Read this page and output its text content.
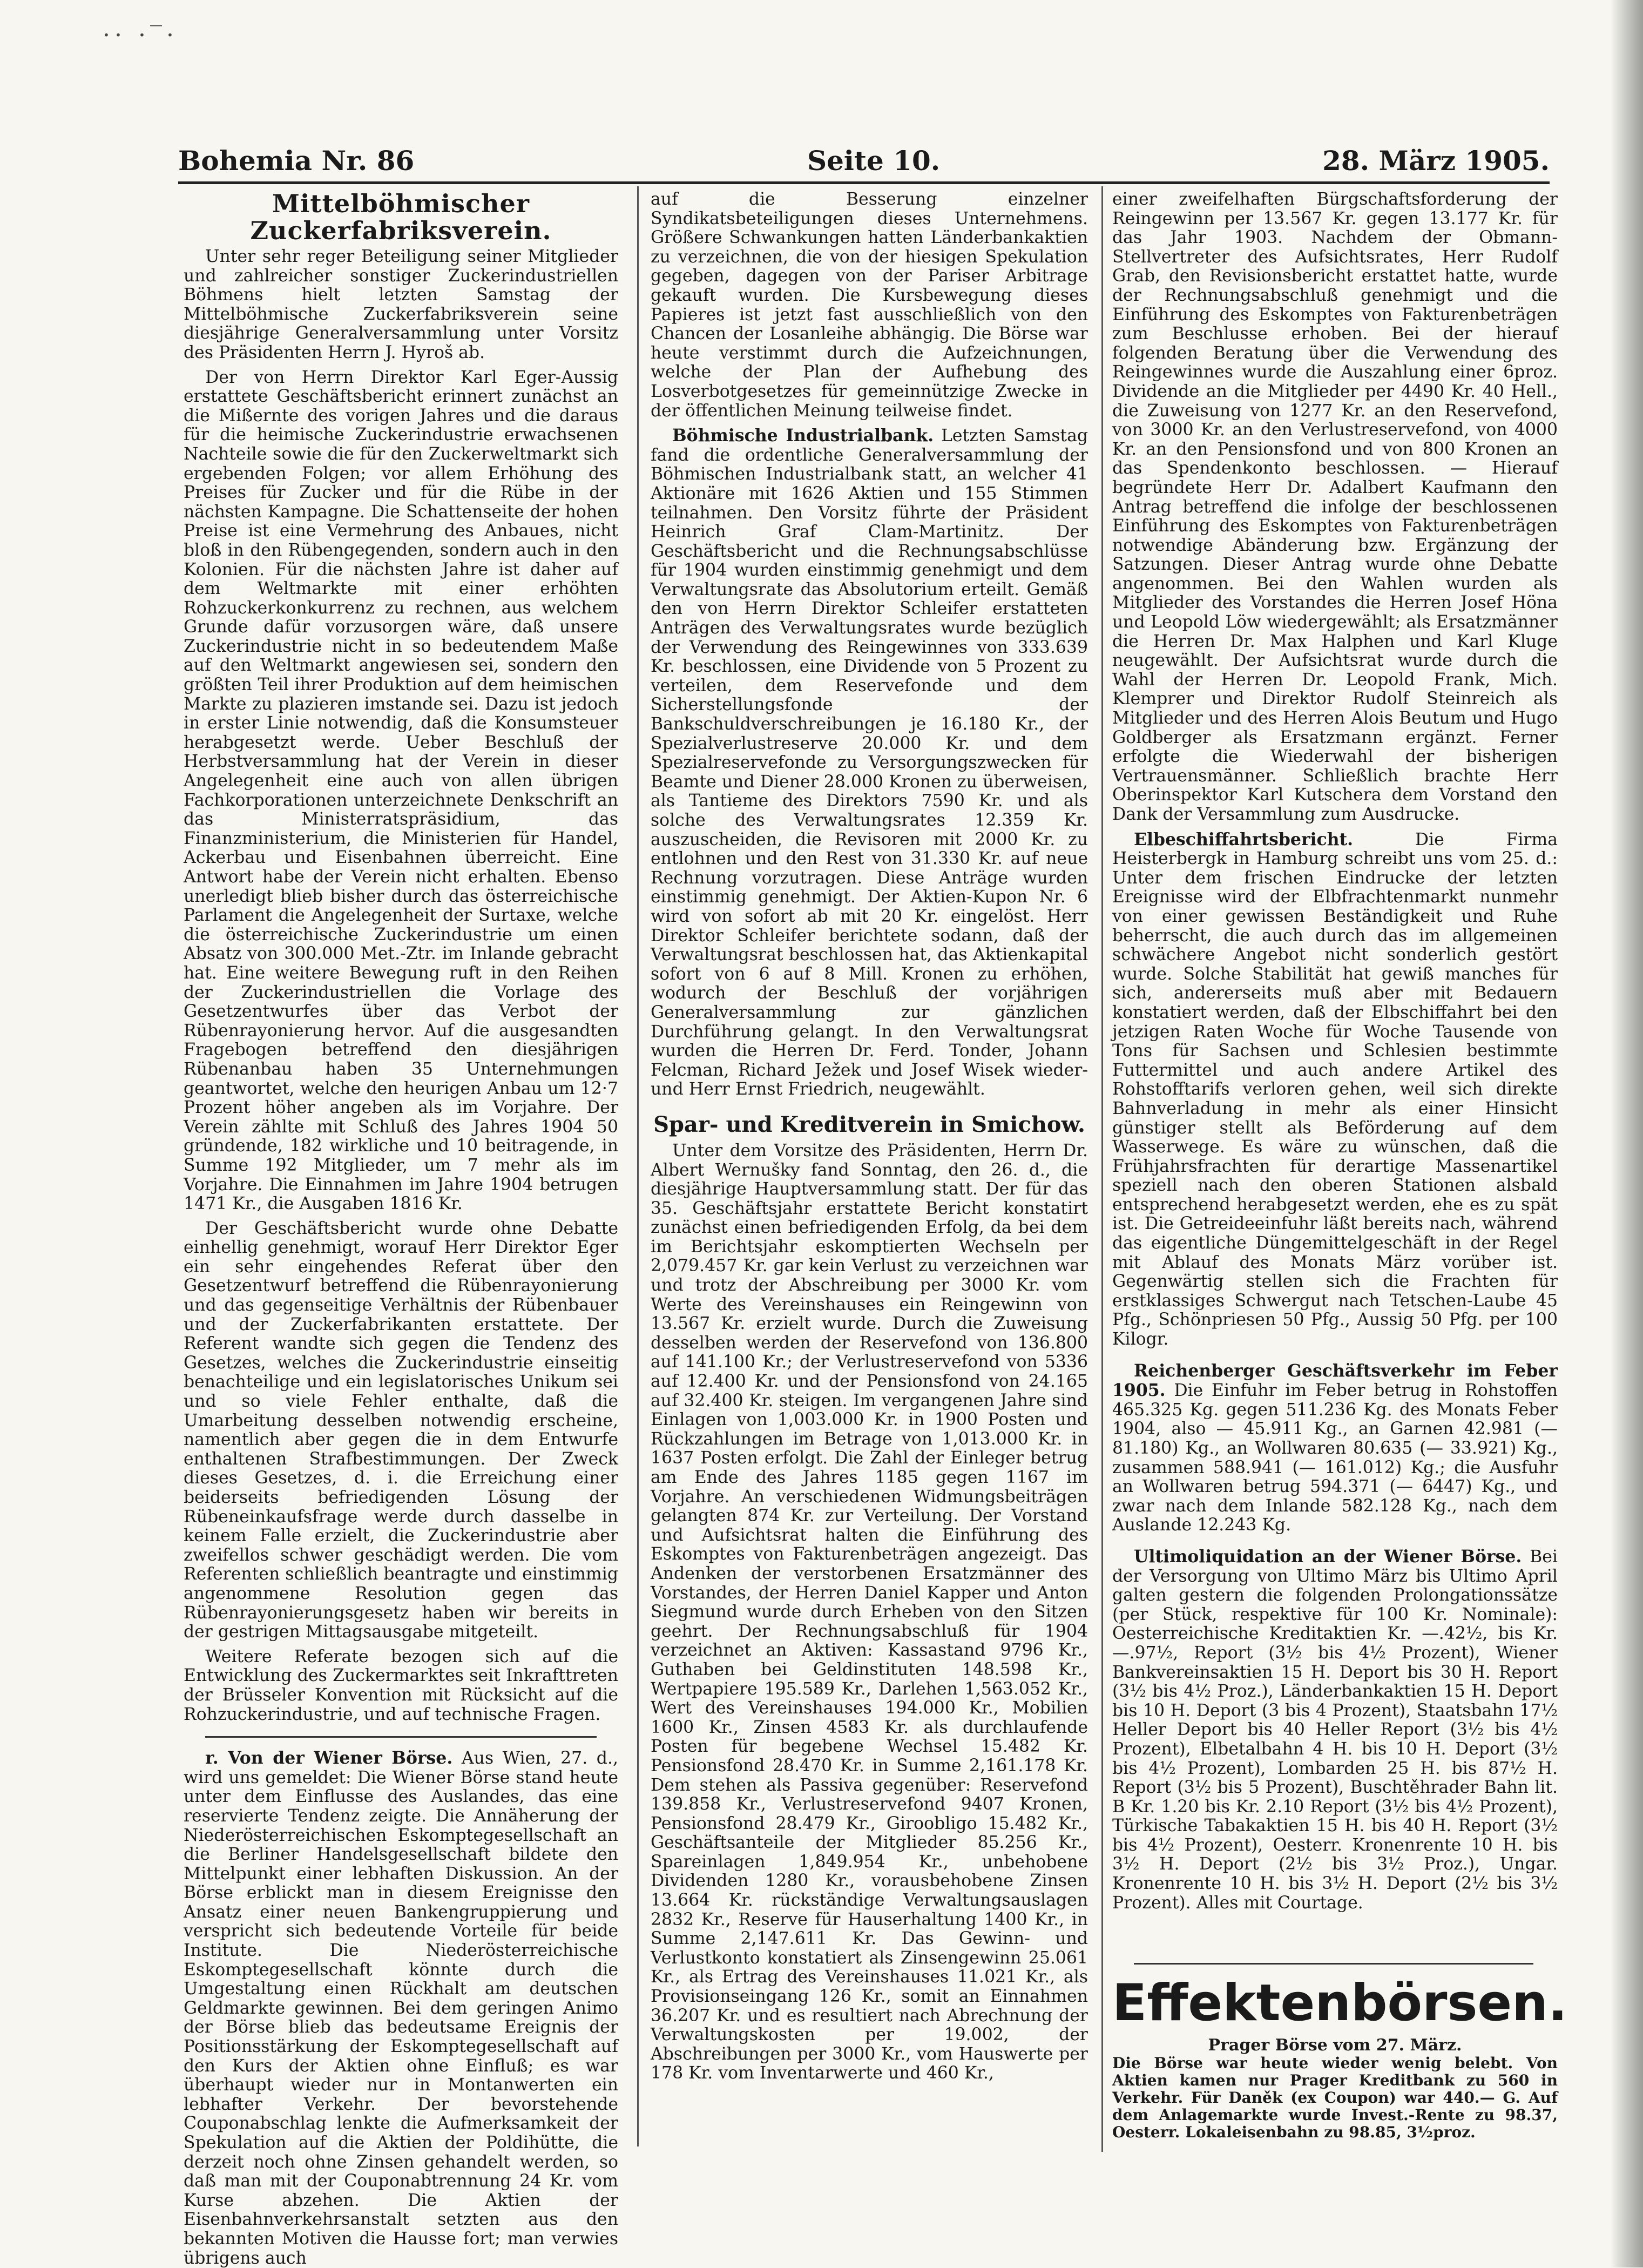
·· ·‾·
Bohemia Nr. 86	Seite 10.	28. März 1905.
Mittelböhmischer Zuckerfabriksverein.

Unter sehr reger Beteiligung seiner Mitglieder und zahlreicher sonstiger Zuckerindustriellen Böhmens hielt letzten Samstag der Mittelböhmische Zuckerfabriksverein seine diesjährige Generalversammlung unter Vorsitz des Präsidenten Herrn J. Hyroš ab.

Der von Herrn Direktor Karl Eger-Aussig erstattete Geschäftsbericht erinnert zunächst an die Mißernte des vorigen Jahres und die daraus für die heimische Zuckerindustrie erwachsenen Nachteile sowie die für den Zuckerweltmarkt sich ergebenden Folgen; vor allem Erhöhung des Preises für Zucker und für die Rübe in der nächsten Kampagne. Die Schattenseite der hohen Preise ist eine Vermehrung des Anbaues, nicht bloß in den Rübengegenden, sondern auch in den Kolonien. Für die nächsten Jahre ist daher auf dem Weltmarkte mit einer erhöhten Rohzuckerkonkurrenz zu rechnen, aus welchem Grunde dafür vorzusorgen wäre, daß unsere Zuckerindustrie nicht in so bedeutendem Maße auf den Weltmarkt angewiesen sei, sondern den größten Teil ihrer Produktion auf dem heimischen Markte zu plazieren imstande sei. Dazu ist jedoch in erster Linie notwendig, daß die Konsumsteuer herabgesetzt werde. Ueber Beschluß der Herbstversammlung hat der Verein in dieser Angelegenheit eine auch von allen übrigen Fachkorporationen unterzeichnete Denkschrift an das Ministerratspräsidium, das Finanzministerium, die Ministerien für Handel, Ackerbau und Eisenbahnen überreicht. Eine Antwort habe der Verein nicht erhalten. Ebenso unerledigt blieb bisher durch das österreichische Parlament die Angelegenheit der Surtaxe, welche die österreichische Zuckerindustrie um einen Absatz von 300.000 Met.-Ztr. im Inlande gebracht hat. Eine weitere Bewegung ruft in den Reihen der Zuckerindustriellen die Vorlage des Gesetzentwurfes über das Verbot der Rübenrayonierung hervor. Auf die ausgesandten Fragebogen betreffend den diesjährigen Rübenanbau haben 35 Unternehmungen geantwortet, welche den heurigen Anbau um 12·7 Prozent höher angeben als im Vorjahre. Der Verein zählte mit Schluß des Jahres 1904 50 gründende, 182 wirkliche und 10 beitragende, in Summe 192 Mitglieder, um 7 mehr als im Vorjahre. Die Einnahmen im Jahre 1904 betrugen 1471 Kr., die Ausgaben 1816 Kr.

Der Geschäftsbericht wurde ohne Debatte einhellig genehmigt, worauf Herr Direktor Eger ein sehr eingehendes Referat über den Gesetzentwurf betreffend die Rübenrayonierung und das gegenseitige Verhältnis der Rübenbauer und der Zuckerfabrikanten erstattete. Der Referent wandte sich gegen die Tendenz des Gesetzes, welches die Zuckerindustrie einseitig benachteilige und ein legislatorisches Unikum sei und so viele Fehler enthalte, daß die Umarbeitung desselben notwendig erscheine, namentlich aber gegen die in dem Entwurfe enthaltenen Strafbestimmungen. Der Zweck dieses Gesetzes, d. i. die Erreichung einer beiderseits befriedigenden Lösung der Rübeneinkaufsfrage werde durch dasselbe in keinem Falle erzielt, die Zuckerindustrie aber zweifellos schwer geschädigt werden. Die vom Referenten schließlich beantragte und einstimmig angenommene Resolution gegen das Rübenrayonierungsgesetz haben wir bereits in der gestrigen Mittagsausgabe mitgeteilt.

Weitere Referate bezogen sich auf die Entwicklung des Zuckermarktes seit Inkrafttreten der Brüsseler Konvention mit Rücksicht auf die Rohzuckerindustrie, und auf technische Fragen.

r. Von der Wiener Börse. Aus Wien, 27. d., wird uns gemeldet: Die Wiener Börse stand heute unter dem Einflusse des Auslandes, das eine reservierte Tendenz zeigte. Die Annäherung der Niederösterreichischen Eskomptegesellschaft an die Berliner Handelsgesellschaft bildete den Mittelpunkt einer lebhaften Diskussion. An der Börse erblickt man in diesem Ereignisse den Ansatz einer neuen Bankengruppierung und verspricht sich bedeutende Vorteile für beide Institute. Die Niederösterreichische Eskomptegesellschaft könnte durch die Umgestaltung einen Rückhalt am deutschen Geldmarkte gewinnen. Bei dem geringen Animo der Börse blieb das bedeutsame Ereignis der Positionsstärkung der Eskomptegesellschaft auf den Kurs der Aktien ohne Einfluß; es war überhaupt wieder nur in Montanwerten ein lebhafter Verkehr. Der bevorstehende Couponabschlag lenkte die Aufmerksamkeit der Spekulation auf die Aktien der Poldihütte, die derzeit noch ohne Zinsen gehandelt werden, so daß man mit der Couponabtrennung 24 Kr. vom Kurse abzehen. Die Aktien der Eisenbahnverkehrsanstalt setzten aus den bekannten Motiven die Hausse fort; man verwies übrigens auch

auf die Besserung einzelner Syndikatsbeteiligungen dieses Unternehmens. Größere Schwankungen hatten Länderbankaktien zu verzeichnen, die von der hiesigen Spekulation gegeben, dagegen von der Pariser Arbitrage gekauft wurden. Die Kursbewegung dieses Papieres ist jetzt fast ausschließlich von den Chancen der Losanleihe abhängig. Die Börse war heute verstimmt durch die Aufzeichnungen, welche der Plan der Aufhebung des Losverbotgesetzes für gemeinnützige Zwecke in der öffentlichen Meinung teilweise findet.

Böhmische Industrialbank. Letzten Samstag fand die ordentliche Generalversammlung der Böhmischen Industrialbank statt, an welcher 41 Aktionäre mit 1626 Aktien und 155 Stimmen teilnahmen. Den Vorsitz führte der Präsident Heinrich Graf Clam-Martinitz. Der Geschäftsbericht und die Rechnungsabschlüsse für 1904 wurden einstimmig genehmigt und dem Verwaltungsrate das Absolutorium erteilt. Gemäß den von Herrn Direktor Schleifer erstatteten Anträgen des Verwaltungsrates wurde bezüglich der Verwendung des Reingewinnes von 333.639 Kr. beschlossen, eine Dividende von 5 Prozent zu verteilen, dem Reservefonde und dem Sicherstellungsfonde der Bankschuldverschreibungen je 16.180 Kr., der Spezialverlustreserve 20.000 Kr. und dem Spezialreservefonde zu Versorgungszwecken für Beamte und Diener 28.000 Kronen zu überweisen, als Tantieme des Direktors 7590 Kr. und als solche des Verwaltungsrates 12.359 Kr. auszuscheiden, die Revisoren mit 2000 Kr. zu entlohnen und den Rest von 31.330 Kr. auf neue Rechnung vorzutragen. Diese Anträge wurden einstimmig genehmigt. Der Aktien-Kupon Nr. 6 wird von sofort ab mit 20 Kr. eingelöst. Herr Direktor Schleifer berichtete sodann, daß der Verwaltungsrat beschlossen hat, das Aktienkapital sofort von 6 auf 8 Mill. Kronen zu erhöhen, wodurch der Beschluß der vorjährigen Generalversammlung zur gänzlichen Durchführung gelangt. In den Verwaltungsrat wurden die Herren Dr. Ferd. Tonder, Johann Felcman, Richard Ježek und Josef Wisek wieder- und Herr Ernst Friedrich, neugewählt.

Spar- und Kreditverein in Smichow.

Unter dem Vorsitze des Präsidenten, Herrn Dr. Albert Wernušky fand Sonntag, den 26. d., die diesjährige Hauptversammlung statt. Der für das 35. Geschäftsjahr erstattete Bericht konstatirt zunächst einen befriedigenden Erfolg, da bei dem im Berichtsjahr eskomptierten Wechseln per 2,079.457 Kr. gar kein Verlust zu verzeichnen war und trotz der Abschreibung per 3000 Kr. vom Werte des Vereinshauses ein Reingewinn von 13.567 Kr. erzielt wurde. Durch die Zuweisung desselben werden der Reservefond von 136.800 auf 141.100 Kr.; der Verlustreservefond von 5336 auf 12.400 Kr. und der Pensionsfond von 24.165 auf 32.400 Kr. steigen. Im vergangenen Jahre sind Einlagen von 1,003.000 Kr. in 1900 Posten und Rückzahlungen im Betrage von 1,013.000 Kr. in 1637 Posten erfolgt. Die Zahl der Einleger betrug am Ende des Jahres 1185 gegen 1167 im Vorjahre. An verschiedenen Widmungsbeiträgen gelangten 874 Kr. zur Verteilung. Der Vorstand und Aufsichtsrat halten die Einführung des Eskomptes von Fakturenbeträgen angezeigt. Das Andenken der verstorbenen Ersatzmänner des Vorstandes, der Herren Daniel Kapper und Anton Siegmund wurde durch Erheben von den Sitzen geehrt. Der Rechnungsabschluß für 1904 verzeichnet an Aktiven: Kassastand 9796 Kr., Guthaben bei Geldinstituten 148.598 Kr., Wertpapiere 195.589 Kr., Darlehen 1,563.052 Kr., Wert des Vereinshauses 194.000 Kr., Mobilien 1600 Kr., Zinsen 4583 Kr. als durchlaufende Posten für begebene Wechsel 15.482 Kr. Pensionsfond 28.470 Kr. in Summe 2,161.178 Kr. Dem stehen als Passiva gegenüber: Reservefond 139.858 Kr., Verlustreservefond 9407 Kronen, Pensionsfond 28.479 Kr., Giroobligo 15.482 Kr., Geschäftsanteile der Mitglieder 85.256 Kr., Spareinlagen 1,849.954 Kr., unbehobene Dividenden 1280 Kr., vorausbehobene Zinsen 13.664 Kr. rückständige Verwaltungsauslagen 2832 Kr., Reserve für Hauserhaltung 1400 Kr., in Summe 2,147.611 Kr. Das Gewinn- und Verlustkonto konstatiert als Zinsengewinn 25.061 Kr., als Ertrag des Vereinshauses 11.021 Kr., als Provisionseingang 126 Kr., somit an Einnahmen 36.207 Kr. und es resultiert nach Abrechnung der Verwaltungskosten per 19.002, der Abschreibungen per 3000 Kr., vom Hauswerte per 178 Kr. vom Inventarwerte und 460 Kr.,

einer zweifelhaften Bürgschaftsforderung der Reingewinn per 13.567 Kr. gegen 13.177 Kr. für das Jahr 1903. Nachdem der Obmann-Stellvertreter des Aufsichtsrates, Herr Rudolf Grab, den Revisionsbericht erstattet hatte, wurde der Rechnungsabschluß genehmigt und die Einführung des Eskomptes von Fakturenbeträgen zum Beschlusse erhoben. Bei der hierauf folgenden Beratung über die Verwendung des Reingewinnes wurde die Auszahlung einer 6proz. Dividende an die Mitglieder per 4490 Kr. 40 Hell., die Zuweisung von 1277 Kr. an den Reservefond, von 3000 Kr. an den Verlustreservefond, von 4000 Kr. an den Pensionsfond und von 800 Kronen an das Spendenkonto beschlossen. — Hierauf begründete Herr Dr. Adalbert Kaufmann den Antrag betreffend die infolge der beschlossenen Einführung des Eskomptes von Fakturenbeträgen notwendige Abänderung bzw. Ergänzung der Satzungen. Dieser Antrag wurde ohne Debatte angenommen. Bei den Wahlen wurden als Mitglieder des Vorstandes die Herren Josef Höna und Leopold Löw wiedergewählt; als Ersatzmänner die Herren Dr. Max Halphen und Karl Kluge neugewählt. Der Aufsichtsrat wurde durch die Wahl der Herren Dr. Leopold Frank, Mich. Klemprer und Direktor Rudolf Steinreich als Mitglieder und des Herren Alois Beutum und Hugo Goldberger als Ersatzmann ergänzt. Ferner erfolgte die Wiederwahl der bisherigen Vertrauensmänner. Schließlich brachte Herr Oberinspektor Karl Kutschera dem Vorstand den Dank der Versammlung zum Ausdrucke.

Elbeschiffahrtsbericht.	Die Firma Heisterbergk in Hamburg schreibt uns vom 25. d.: Unter dem frischen Eindrucke der letzten Ereignisse wird der Elbfrachtenmarkt nunmehr von einer gewissen Beständigkeit und Ruhe beherrscht, die auch durch das im allgemeinen schwächere Angebot nicht sonderlich gestört wurde. Solche Stabilität hat gewiß manches für sich, andererseits muß aber mit Bedauern konstatiert werden, daß der Elbschiffahrt bei den jetzigen Raten Woche für Woche Tausende von Tons für Sachsen und Schlesien bestimmte Futtermittel und auch andere Artikel des Rohstofftarifs verloren gehen, weil sich direkte Bahnverladung in mehr als einer Hinsicht günstiger stellt als Beförderung auf dem Wasserwege. Es wäre zu wünschen, daß die Frühjahrsfrachten für derartige Massenartikel speziell nach den oberen Stationen alsbald entsprechend herabgesetzt werden, ehe es zu spät ist. Die Getreideeinfuhr läßt bereits nach, während das eigentliche Düngemittelgeschäft in der Regel mit Ablauf des Monats März vorüber ist. Gegenwärtig stellen sich die Frachten für erstklassiges Schwergut nach Tetschen-Laube 45 Pfg., Schönpriesen 50 Pfg., Aussig 50 Pfg. per 100 Kilogr.

Reichenberger Geschäftsverkehr im Feber 1905. Die Einfuhr im Feber betrug in Rohstoffen 465.325 Kg. gegen 511.236 Kg. des Monats Feber 1904, also — 45.911 Kg., an Garnen 42.981 (— 81.180) Kg., an Wollwaren 80.635 (— 33.921) Kg., zusammen 588.941 (— 161.012) Kg.; die Ausfuhr an Wollwaren betrug 594.371 (— 6447) Kg., und zwar nach dem Inlande 582.128 Kg., nach dem Auslande 12.243 Kg.

Ultimoliquidation an der Wiener Börse. Bei der Versorgung von Ultimo März bis Ultimo April galten gestern die folgenden Prolongationssätze (per Stück, respektive für 100 Kr. Nominale): Oesterreichische Kreditaktien Kr. —.42½, bis Kr. —.97½, Report (3½ bis 4½ Prozent), Wiener Bankvereinsaktien 15 H. Deport bis 30 H. Report (3½ bis 4½ Proz.), Länderbankaktien 15 H. Deport bis 10 H. Deport (3 bis 4 Prozent), Staatsbahn 17½ Heller Deport bis 40 Heller Report (3½ bis 4½ Prozent), Elbetalbahn 4 H. bis 10 H. Deport (3½ bis 4½ Prozent), Lombarden 25 H. bis 87½ H. Report (3½ bis 5 Prozent), Buschtěhrader Bahn lit. B Kr. 1.20 bis Kr. 2.10 Report (3½ bis 4½ Prozent), Türkische Tabakaktien 15 H. bis 40 H. Report (3½ bis 4½ Prozent), Oesterr. Kronenrente 10 H. bis 3½ H. Deport (2½ bis 3½ Proz.), Ungar. Kronenrente 10 H. bis 3½ H. Deport (2½ bis 3½ Prozent). Alles mit Courtage.

Effektenbörsen.
Prager Börse vom 27. März.

Die Börse war heute wieder wenig belebt. Von Aktien kamen nur Prager Kreditbank zu 560 in Verkehr. Für Daněk (ex Coupon) war 440.— G. Auf dem Anlagemarkte wurde Invest.-Rente zu 98.37, Oesterr. Lokaleisenbahn zu 98.85, 3½proz.
